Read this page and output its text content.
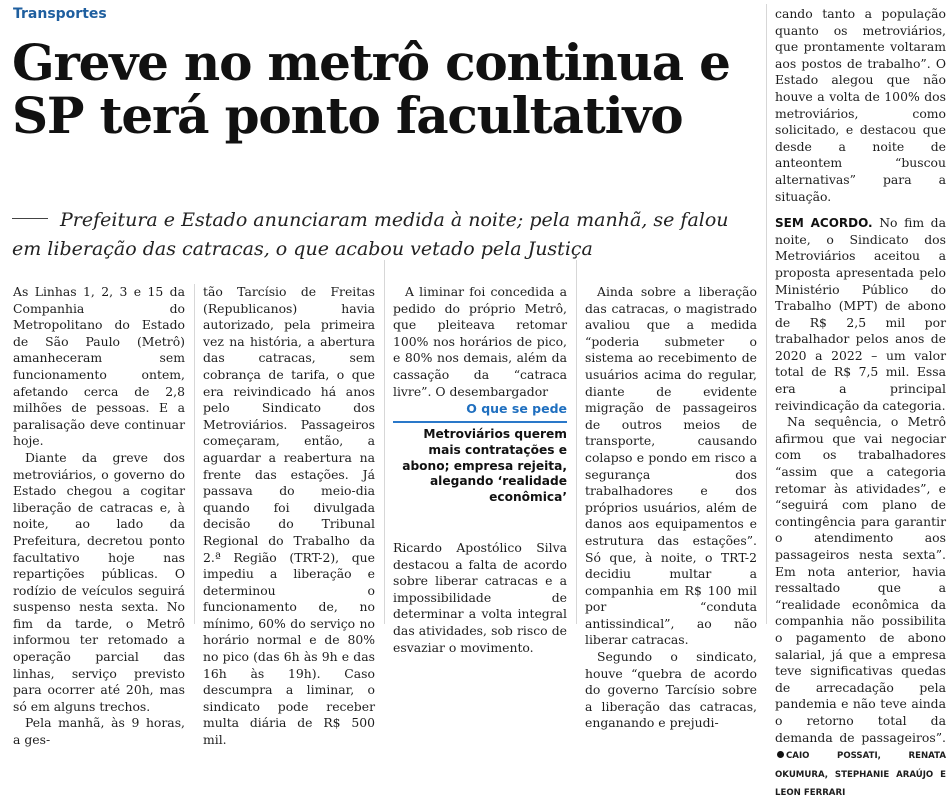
Transportes
Greve no metrô continua e SP terá ponto facultativo
Prefeitura e Estado anunciaram medida à noite; pela manhã, se falou em liberação das catracas, o que acabou vetado pela Justiça

As Linhas 1, 2, 3 e 15 da Companhia do Metropolitano do Estado de São Paulo (Metrô) amanheceram sem funcionamento ontem, afetando cerca de 2,8 milhões de pessoas. E a paralisação deve continuar hoje.

Diante da greve dos metroviários, o governo do Estado chegou a cogitar liberação de catracas e, à noite, ao lado da Prefeitura, decretou ponto facultativo hoje nas repartições públicas. O rodízio de veículos seguirá suspenso nesta sexta. No fim da tarde, o Metrô informou ter retomado a operação parcial das linhas, serviço previsto para ocorrer até 20h, mas só em alguns trechos.

Pela manhã, às 9 horas, a ges-

tão Tarcísio de Freitas (Republicanos) havia autorizado, pela primeira vez na história, a abertura das catracas, sem cobrança de tarifa, o que era reivindicado há anos pelo Sindicato dos Metroviários. Passageiros começaram, então, a aguardar a reabertura na frente das estações. Já passava do meio-dia quando foi divulgada decisão do Tribunal Regional do Trabalho da 2.ª Região (TRT-2), que impediu a liberação e determinou o funcionamento de, no mínimo, 60% do serviço no horário normal e de 80% no pico (das 6h às 9h e das 16h às 19h). Caso descumpra a liminar, o sindicato pode receber multa diária de R$ 500 mil.

A liminar foi concedida a pedido do próprio Metrô, que pleiteava retomar 100% nos horários de pico, e 80% nos demais, além da cassação da “catraca livre”. O desembargador

O que se pede
Metroviários querem mais contratações e abono; empresa rejeita, alegando ‘realidade econômica’

Ricardo Apostólico Silva destacou a falta de acordo sobre liberar catracas e a impossibilidade de determinar a volta integral das atividades, sob risco de esvaziar o movimento.

Ainda sobre a liberação das catracas, o magistrado avaliou que a medida “poderia submeter o sistema ao recebimento de usuários acima do regular, diante de evidente migração de passageiros de outros meios de transporte, causando colapso e pondo em risco a segurança dos trabalhadores e dos próprios usuários, além de danos aos equipamentos e estrutura das estações”. Só que, à noite, o TRT-2 decidiu multar a companhia em R$ 100 mil por “conduta antissindical”, ao não liberar catracas.

Segundo o sindicato, houve “quebra de acordo do governo Tarcísio sobre a liberação das catracas, enganando e prejudi-

cando tanto a população quanto os metroviários, que prontamente voltaram aos postos de trabalho”. O Estado alegou que não houve a volta de 100% dos metroviários, como solicitado, e destacou que desde a noite de anteontem “buscou alternativas” para a situação.

SEM ACORDO. No fim da noite, o Sindicato dos Metroviários aceitou a proposta apresentada pelo Ministério Público do Trabalho (MPT) de abono de R$ 2,5 mil por trabalhador pelos anos de 2020 a 2022 – um valor total de R$ 7,5 mil. Essa era a principal reivindicação da categoria.

Na sequência, o Metrô afirmou que vai negociar com os trabalhadores “assim que a categoria retomar às atividades”, e “seguirá com plano de contingência para garantir o atendimento aos passageiros nesta sexta”. Em nota anterior, havia ressaltado que a “realidade econômica da companhia não possibilita o pagamento de abono salarial, já que a empresa teve significativas quedas de arrecadação pela pandemia e não teve ainda o retorno total da demanda de passageiros”. CAIO POSSATI, RENATA OKUMURA, STEPHANIE ARAÚJO E LEON FERRARI
